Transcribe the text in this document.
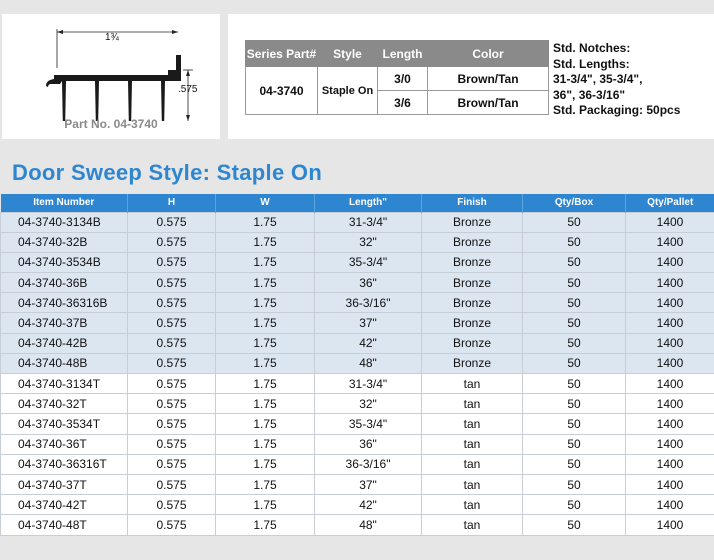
1¾
.575
Part No. 04-3740
Series Part#	Style	Length	Color
04-3740	Staple On	3/0	Brown/Tan
		3/6	Brown/Tan
Std. Notches:
Std. Lengths:
31-3/4", 35-3/4",
36", 36-3/16"
Std. Packaging: 50pcs
Door Sweep Style: Staple On
Item Number	H	W	Length"	Finish	Qty/Box	Qty/Pallet
04-3740-3134B	0.575	1.75	31-3/4"	Bronze	50	1400
04-3740-32B	0.575	1.75	32"	Bronze	50	1400
04-3740-3534B	0.575	1.75	35-3/4"	Bronze	50	1400
04-3740-36B	0.575	1.75	36"	Bronze	50	1400
04-3740-36316B	0.575	1.75	36-3/16"	Bronze	50	1400
04-3740-37B	0.575	1.75	37"	Bronze	50	1400
04-3740-42B	0.575	1.75	42"	Bronze	50	1400
04-3740-48B	0.575	1.75	48"	Bronze	50	1400
04-3740-3134T	0.575	1.75	31-3/4"	tan	50	1400
04-3740-32T	0.575	1.75	32"	tan	50	1400
04-3740-3534T	0.575	1.75	35-3/4"	tan	50	1400
04-3740-36T	0.575	1.75	36"	tan	50	1400
04-3740-36316T	0.575	1.75	36-3/16"	tan	50	1400
04-3740-37T	0.575	1.75	37"	tan	50	1400
04-3740-42T	0.575	1.75	42"	tan	50	1400
04-3740-48T	0.575	1.75	48"	tan	50	1400
